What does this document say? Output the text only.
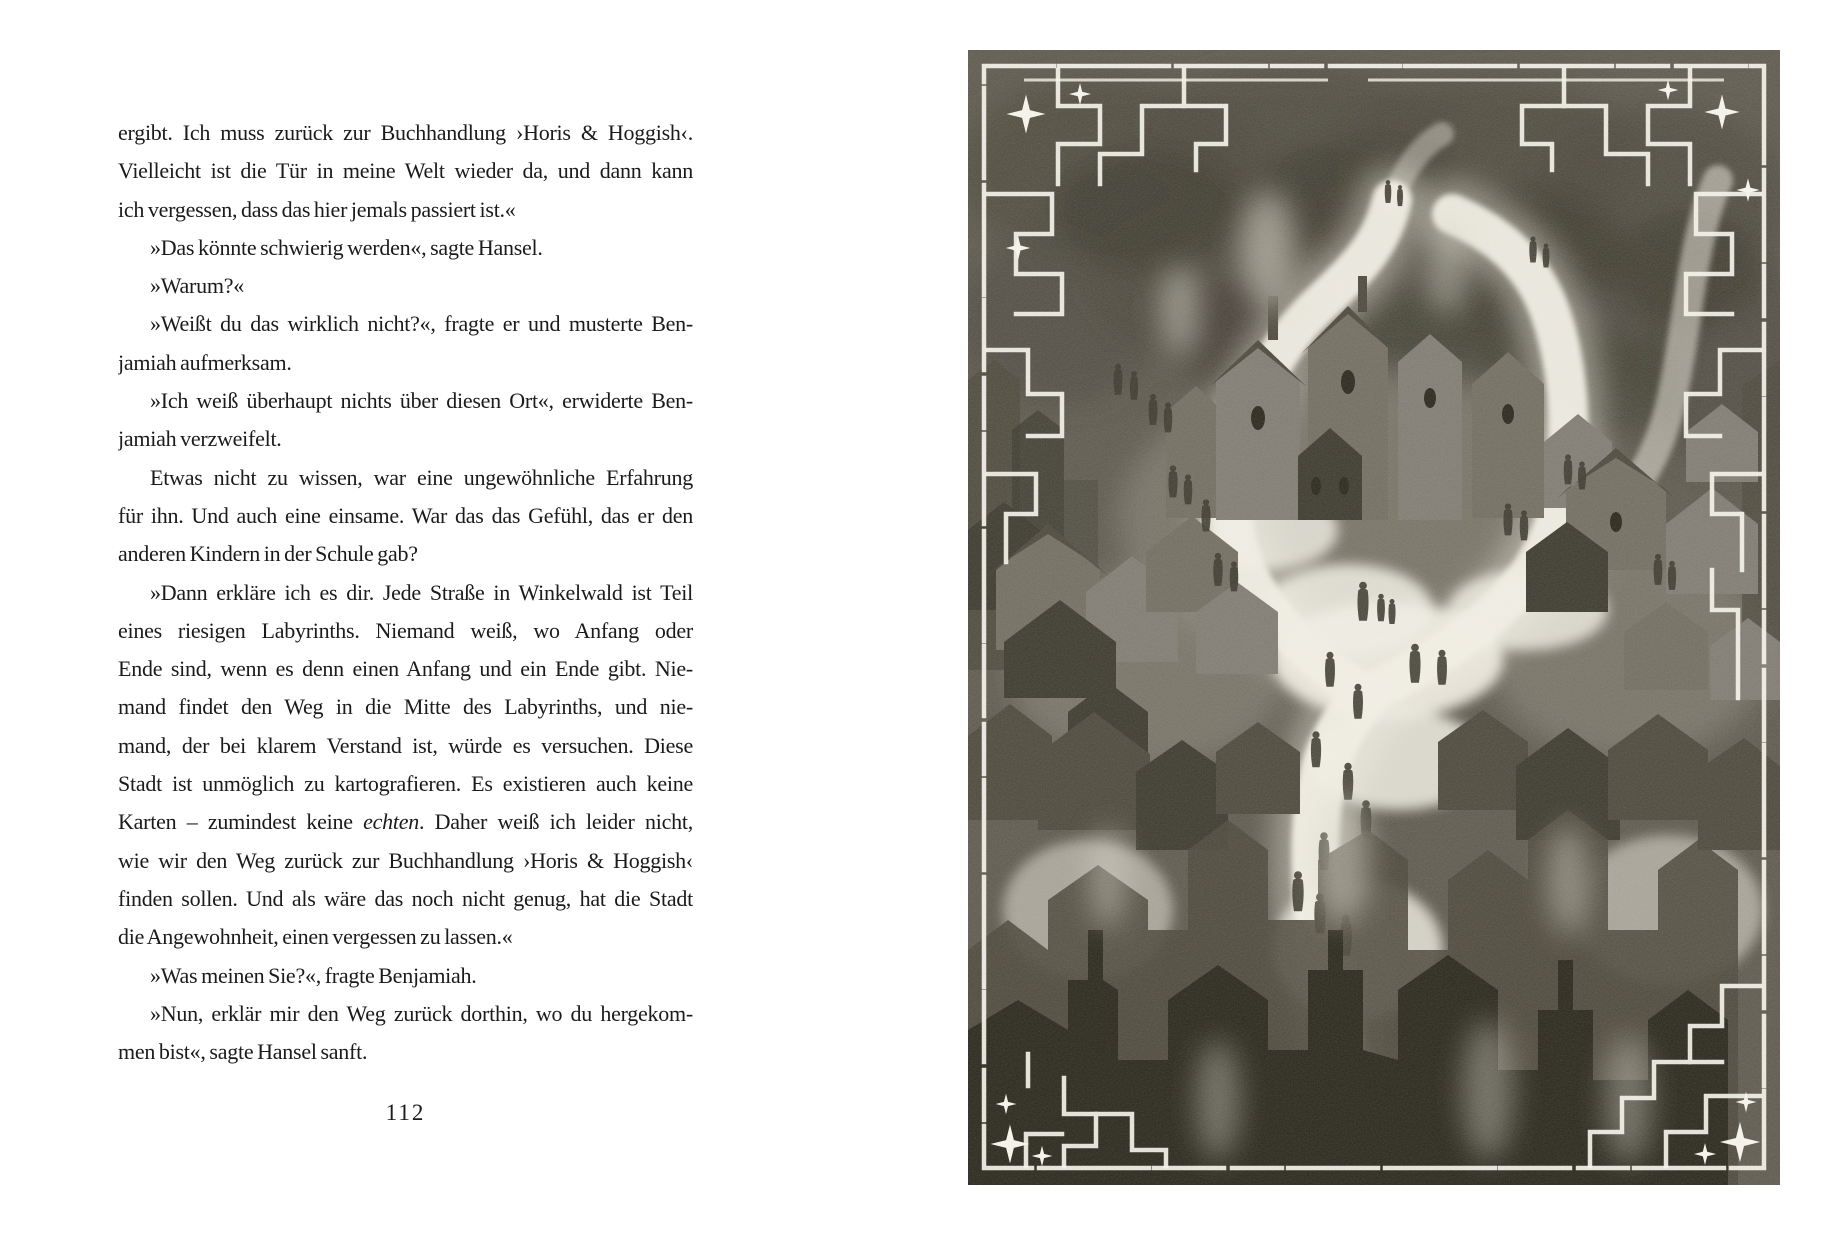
ergibt. Ich muss zurück zur Buchhandlung ›Horis & Hoggish‹.
Vielleicht ist die Tür in meine Welt wieder da, und dann kann
ich vergessen, dass das hier jemals passiert ist.«
»Das könnte schwierig werden«, sagte Hansel.
»Warum?«
»Weißt du das wirklich nicht?«, fragte er und musterte Ben-
jamiah aufmerksam.
»Ich weiß überhaupt nichts über diesen Ort«, erwiderte Ben-
jamiah verzweifelt.
Etwas nicht zu wissen, war eine ungewöhnliche Erfahrung
für ihn. Und auch eine einsame. War das das Gefühl, das er den
anderen Kindern in der Schule gab?
»Dann erkläre ich es dir. Jede Straße in Winkelwald ist Teil
eines riesigen Labyrinths. Niemand weiß, wo Anfang oder
Ende sind, wenn es denn einen Anfang und ein Ende gibt. Nie-
mand findet den Weg in die Mitte des Labyrinths, und nie-
mand, der bei klarem Verstand ist, würde es versuchen. Diese
Stadt ist unmöglich zu kartografieren. Es existieren auch keine
Karten – zumindest keine echten. Daher weiß ich leider nicht,
wie wir den Weg zurück zur Buchhandlung ›Horis & Hoggish‹
finden sollen. Und als wäre das noch nicht genug, hat die Stadt
die Angewohnheit, einen vergessen zu lassen.«
»Was meinen Sie?«, fragte Benjamiah.
»Nun, erklär mir den Weg zurück dorthin, wo du hergekom-
men bist«, sagte Hansel sanft.
112
